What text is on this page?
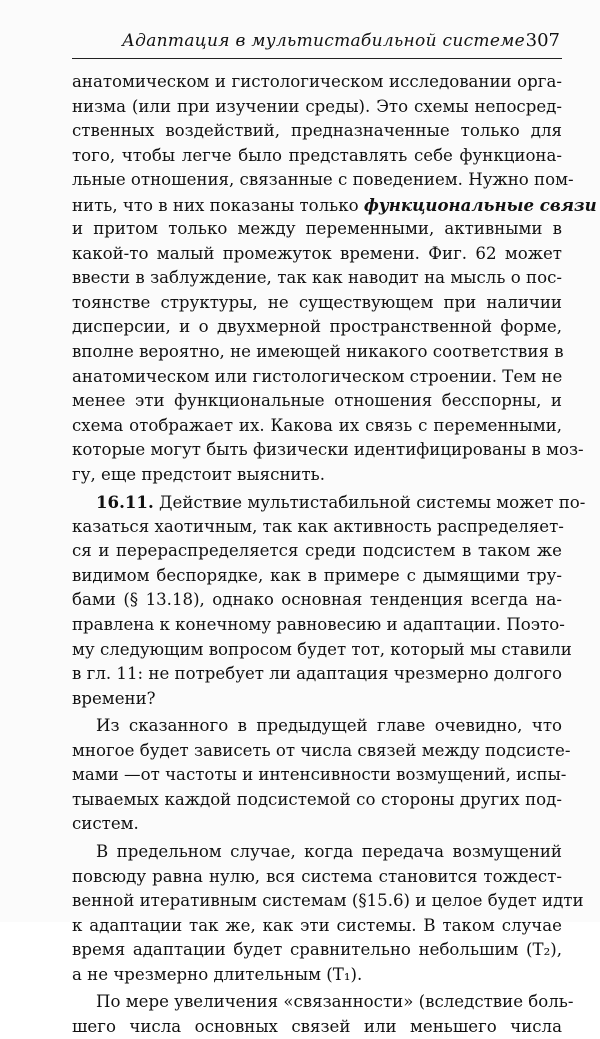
Адаптация в мультистабильной системе 307
анатомическом и гистологическом исследовании орга-
низма (или при изучении среды). Это схемы непосред-
ственных воздействий, предназначенные только для
того, чтобы легче было представлять себе функциона-
льные отношения, связанные с поведением. Нужно пом-
нить, что в них показаны только функциональные связи
и притом только между переменными, активными в
какой-то малый промежуток времени. Фиг. 62 может
ввести в заблуждение, так как наводит на мысль о пос-
тоянстве структуры, не существующем при наличии
дисперсии, и о двухмерной пространственной форме,
вполне вероятно, не имеющей никакого соответствия в
анатомическом или гистологическом строении. Тем не
менее эти функциональные отношения бесспорны, и
схема отображает их. Какова их связь с переменными,
которые могут быть физически идентифицированы в моз-
гу, еще предстоит выяснить.
16.11. Действие мультистабильной системы может по-
казаться хаотичным, так как активность распределяет-
ся и перераспределяется среди подсистем в таком же
видимом беспорядке, как в примере с дымящими тру-
бами (§ 13.18), однако основная тенденция всегда на-
правлена к конечному равновесию и адаптации. Поэто-
му следующим вопросом будет тот, который мы ставили
в гл. 11: не потребует ли адаптация чрезмерно долгого
времени?
Из сказанного в предыдущей главе очевидно, что
многое будет зависеть от числа связей между подсисте-
мами —от частоты и интенсивности возмущений, испы-
тываемых каждой подсистемой со стороны других под-
систем.
В предельном случае, когда передача возмущений
повсюду равна нулю, вся система становится тождест-
венной итеративным системам (§15.6) и целое будет идти
к адаптации так же, как эти системы. В таком случае
время адаптации будет сравнительно небольшим (T₂),
а не чрезмерно длительным (T₁).
По мере увеличения «связанности» (вследствие боль-
шего числа основных связей или меньшего числа
